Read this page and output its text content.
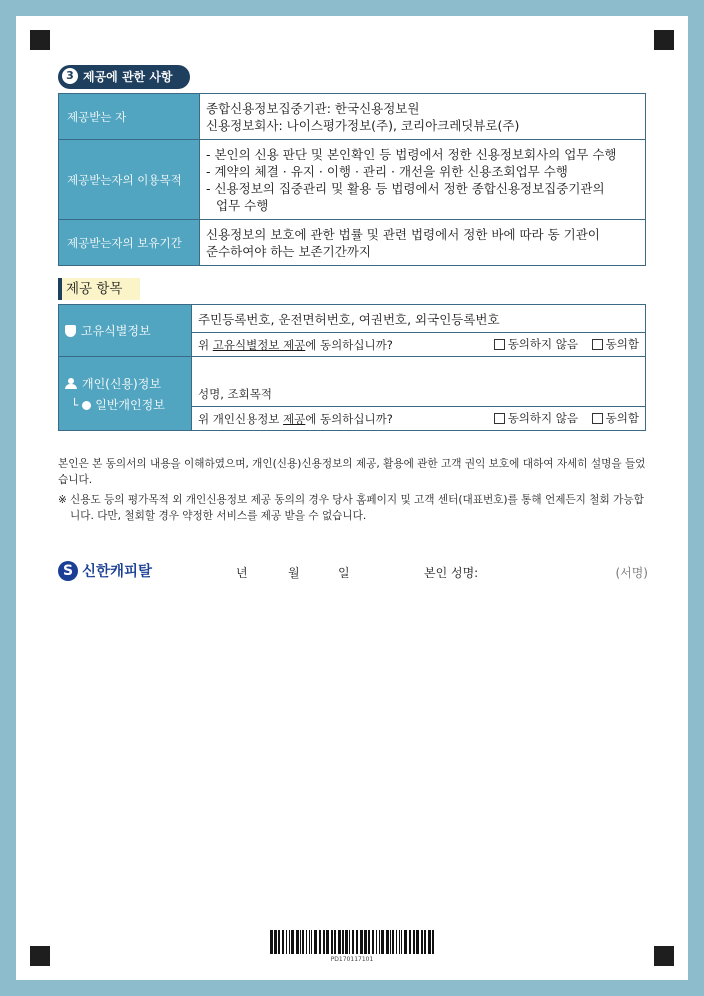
3 제공에 관한 사항
제공받는 자	종합신용정보집중기관: 한국신용정보원
신용정보회사: 나이스평가정보(주), 코리아크레딧뷰로(주)

제공받는자의 이용목적	- 본인의 신용 판단 및 본인확인 등 법령에서 정한 신용정보회사의 업무 수행
- 계약의 체결 · 유지 · 이행 · 관리 · 개선을 위한 신용조회업무 수행
- 신용정보의 집중관리 및 활용 등 법령에서 정한 종합신용정보집중기관의
업무 수행

제공받는자의 보유기간	신용정보의 보호에 관한 법률 및 관련 법령에서 정한 바에 따라 동 기관이
준수하여야 하는 보존기간까지
제공 항목
고유식별정보	주민등록번호, 운전면허번호, 여권번호, 외국인등록번호

	위 고유식별정보 제공에 동의하십니까? 동의하지 않음
동의함

개인(신용)정보
└ 일반개인정보	성명, 조회목적

	위 개인신용정보 제공에 동의하십니까? 동의하지 않음
동의함
본인은 본 동의서의 내용을 이해하였으며, 개인(신용)신용정보의 제공, 활용에 관한 고객 권익 보호에 대하여 자세히 설명을 들었습니다.
※ 신용도 등의 평가목적 외 개인신용정보 제공 동의의 경우 당사 홈페이지 및 고객 센터(대표번호)를 통해 언제든지 철회 가능합니다. 다만, 철회할 경우 약정한 서비스를 제공 받을 수 없습니다.
S 신한캐피탈	년	월	일	본인 성명:	(서명)
PD170117101
